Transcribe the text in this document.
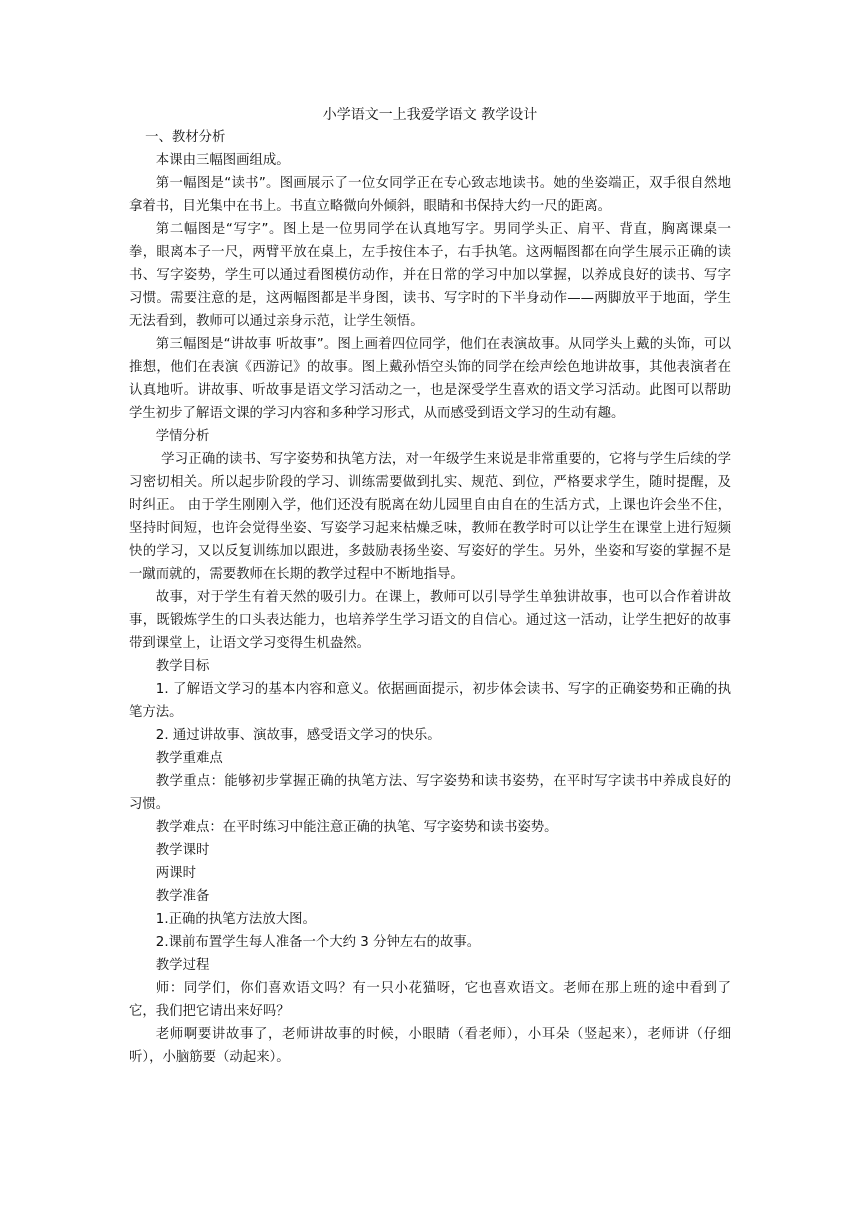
小学语文一上我爱学语文 教学设计

一、教材分析

本课由三幅图画组成。

第一幅图是“读书”。图画展示了一位女同学正在专心致志地读书。她的坐姿端正，双手很自然地拿着书，目光集中在书上。书直立略微向外倾斜，眼睛和书保持大约一尺的距离。

第二幅图是“写字”。图上是一位男同学在认真地写字。男同学头正、肩平、背直，胸离课桌一拳，眼离本子一尺，两臂平放在桌上，左手按住本子，右手执笔。这两幅图都在向学生展示正确的读书、写字姿势，学生可以通过看图模仿动作，并在日常的学习中加以掌握，以养成良好的读书、写字习惯。需要注意的是，这两幅图都是半身图，读书、写字时的下半身动作——两脚放平于地面，学生无法看到，教师可以通过亲身示范，让学生领悟。

第三幅图是“讲故事 听故事”。图上画着四位同学，他们在表演故事。从同学头上戴的头饰，可以推想，他们在表演《西游记》的故事。图上戴孙悟空头饰的同学在绘声绘色地讲故事，其他表演者在认真地听。讲故事、听故事是语文学习活动之一，也是深受学生喜欢的语文学习活动。此图可以帮助学生初步了解语文课的学习内容和多种学习形式，从而感受到语文学习的生动有趣。

学情分析

学习正确的读书、写字姿势和执笔方法，对一年级学生来说是非常重要的，它将与学生后续的学习密切相关。所以起步阶段的学习、训练需要做到扎实、规范、到位，严格要求学生，随时提醒，及时纠正。 由于学生刚刚入学，他们还没有脱离在幼儿园里自由自在的生活方式，上课也许会坐不住，坚持时间短，也许会觉得坐姿、写姿学习起来枯燥乏味，教师在教学时可以让学生在课堂上进行短频快的学习，又以反复训练加以跟进，多鼓励表扬坐姿、写姿好的学生。另外，坐姿和写姿的掌握不是一蹴而就的，需要教师在长期的教学过程中不断地指导。

故事，对于学生有着天然的吸引力。在课上，教师可以引导学生单独讲故事，也可以合作着讲故事，既锻炼学生的口头表达能力，也培养学生学习语文的自信心。通过这一活动，让学生把好的故事带到课堂上，让语文学习变得生机盎然。

教学目标

1. 了解语文学习的基本内容和意义。依据画面提示，初步体会读书、写字的正确姿势和正确的执笔方法。

2. 通过讲故事、演故事，感受语文学习的快乐。

教学重难点

教学重点：能够初步掌握正确的执笔方法、写字姿势和读书姿势，在平时写字读书中养成良好的习惯。

教学难点：在平时练习中能注意正确的执笔、写字姿势和读书姿势。

教学课时

两课时

教学准备

1.正确的执笔方法放大图。

2.课前布置学生每人准备一个大约 3 分钟左右的故事。

教学过程

师：同学们，你们喜欢语文吗？有一只小花猫呀，它也喜欢语文。老师在那上班的途中看到了它，我们把它请出来好吗？

老师啊要讲故事了，老师讲故事的时候，小眼睛（看老师），小耳朵（竖起来），老师讲（仔细听），小脑筋要（动起来）。
